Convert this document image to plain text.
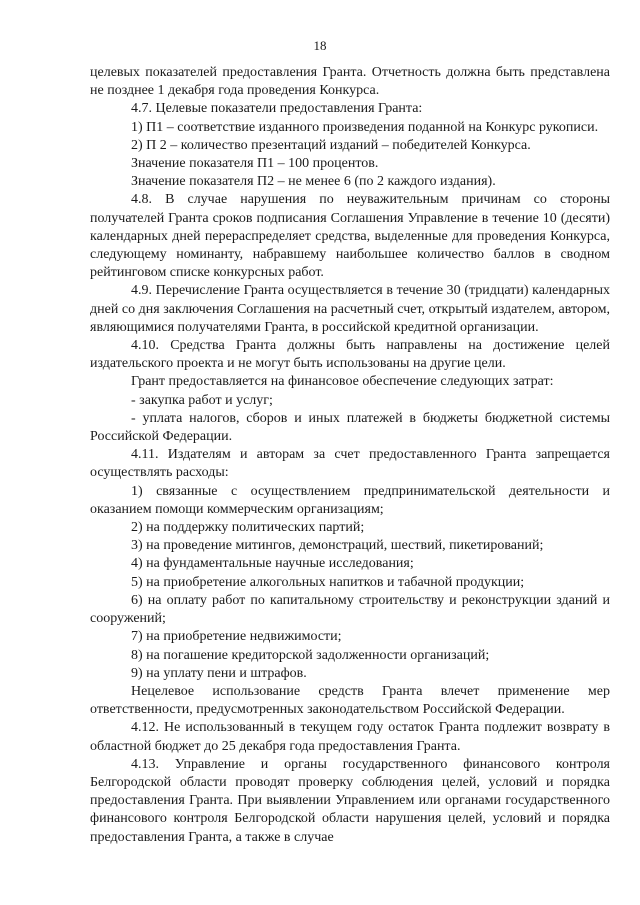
18

целевых показателей предоставления Гранта. Отчетность должна быть представлена не позднее 1 декабря года проведения Конкурса.

4.7. Целевые показатели предоставления Гранта:

1) П1 – соответствие изданного произведения поданной на Конкурс рукописи.

2) П 2 – количество презентаций изданий – победителей Конкурса.

Значение показателя П1 – 100 процентов.

Значение показателя П2 – не менее 6 (по 2 каждого издания).

4.8. В случае нарушения по неуважительным причинам со стороны получателей Гранта сроков подписания Соглашения Управление в течение 10 (десяти) календарных дней перераспределяет средства, выделенные для проведения Конкурса, следующему номинанту, набравшему наибольшее количество баллов в сводном рейтинговом списке конкурсных работ.

4.9. Перечисление Гранта осуществляется в течение 30 (тридцати) календарных дней со дня заключения Соглашения на расчетный счет, открытый издателем, автором, являющимися получателями Гранта, в российской кредитной организации.

4.10. Средства Гранта должны быть направлены на достижение целей издательского проекта и не могут быть использованы на другие цели.

Грант предоставляется на финансовое обеспечение следующих затрат:

- закупка работ и услуг;

- уплата налогов, сборов и иных платежей в бюджеты бюджетной системы Российской Федерации.

4.11. Издателям и авторам за счет предоставленного Гранта запрещается осуществлять расходы:

1) связанные с осуществлением предпринимательской деятельности и оказанием помощи коммерческим организациям;

2) на поддержку политических партий;

3) на проведение митингов, демонстраций, шествий, пикетирований;

4) на фундаментальные научные исследования;

5) на приобретение алкогольных напитков и табачной продукции;

6) на оплату работ по капитальному строительству и реконструкции зданий и сооружений;

7) на приобретение недвижимости;

8) на погашение кредиторской задолженности организаций;

9) на уплату пени и штрафов.

Нецелевое использование средств Гранта влечет применение мер ответственности, предусмотренных законодательством Российской Федерации.

4.12. Не использованный в текущем году остаток Гранта подлежит возврату в областной бюджет до 25 декабря года предоставления Гранта.

4.13. Управление и органы государственного финансового контроля Белгородской области проводят проверку соблюдения целей, условий и порядка предоставления Гранта. При выявлении Управлением или органами государственного финансового контроля Белгородской области нарушения целей, условий и порядка предоставления Гранта, а также в случае
